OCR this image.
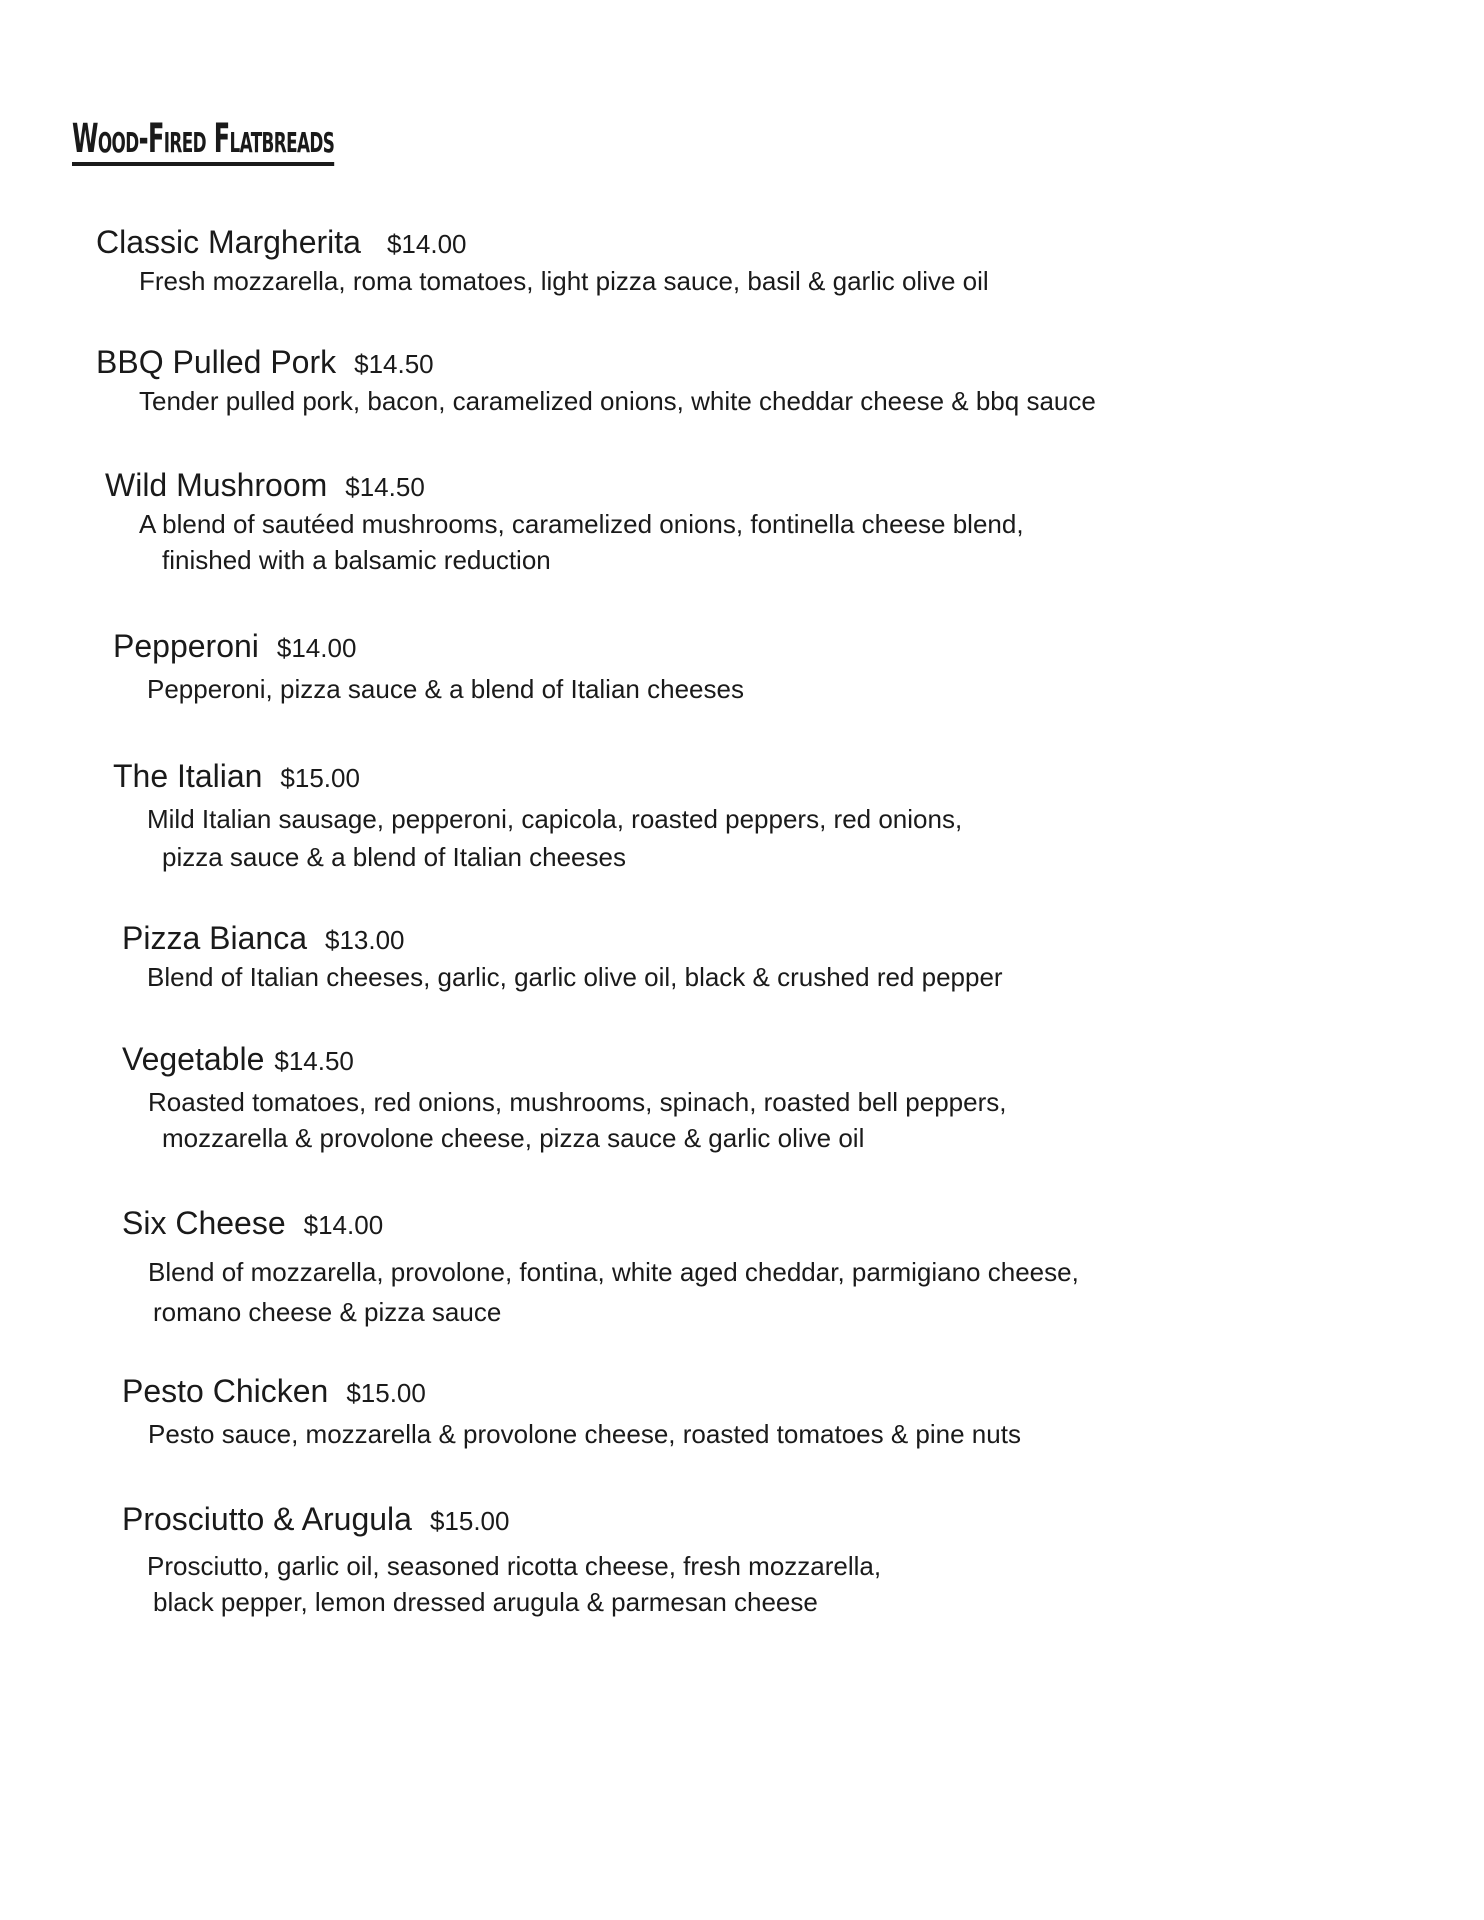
Wood-Fired Flatbreads
Classic Margherita $14.00
Fresh mozzarella, roma tomatoes, light pizza sauce, basil & garlic olive oil
BBQ Pulled Pork $14.50
Tender pulled pork, bacon, caramelized onions, white cheddar cheese & bbq sauce
Wild Mushroom $14.50
A blend of sautéed mushrooms, caramelized onions, fontinella cheese blend,
finished with a balsamic reduction
Pepperoni $14.00
Pepperoni, pizza sauce & a blend of Italian cheeses
The Italian $15.00
Mild Italian sausage, pepperoni, capicola, roasted peppers, red onions,
pizza sauce & a blend of Italian cheeses
Pizza Bianca $13.00
Blend of Italian cheeses, garlic, garlic olive oil, black & crushed red pepper
Vegetable $14.50
Roasted tomatoes, red onions, mushrooms, spinach, roasted bell peppers,
mozzarella & provolone cheese, pizza sauce & garlic olive oil
Six Cheese $14.00
Blend of mozzarella, provolone, fontina, white aged cheddar, parmigiano cheese,
romano cheese & pizza sauce
Pesto Chicken $15.00
Pesto sauce, mozzarella & provolone cheese, roasted tomatoes & pine nuts
Prosciutto & Arugula $15.00
Prosciutto, garlic oil, seasoned ricotta cheese, fresh mozzarella,
black pepper, lemon dressed arugula & parmesan cheese
